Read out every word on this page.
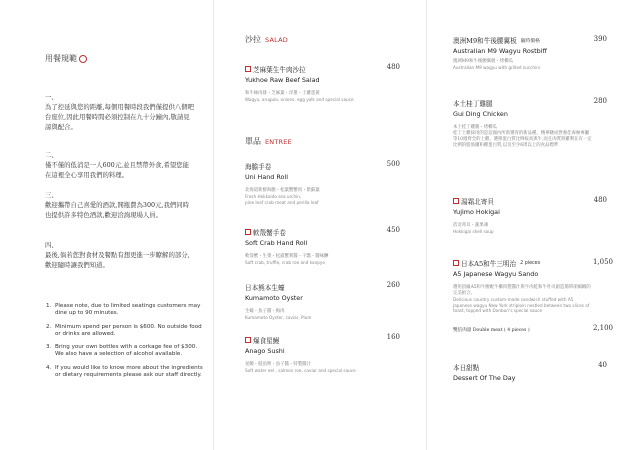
用餐規範
一、
為了控延與您的距離,每個用餐時段我們僅提供八個吧台座位,因此用餐時間必須控制在九十分鐘內,敬請見諒與配合。
二、
僅不僅的低消是一人600元,並且禁帶外食,希望您能在這裡全心享用我們的料理。
三、
歡迎攜帶自己喜愛的酒款,開瓶費為300元,我們同時也提供許多特色酒款,歡迎洽詢現場人員。
四、
最後,倘若您對食材及餐點有想更進一步瞭解的部分,歡迎隨時讓我們知道。
1. Please note, due to limited seatings customers may dine up to 90 minutes.
2. Minimum spend per person is $600. No outside food or drinks are allowed.
3. Bring your own bottles with a corkage fee of $300. We also have a selection of alcohol available.
4. If you would like to know more about the ingredients or dietary requirements please ask our staff directly.
沙拉 SALAD
芝麻葉生牛肉沙拉
Yukhoe Raw Beef Salad
和牛絲肉排・芝麻葉・洋蔥・土雞蛋黃
Wagyu, arugula, onions, egg yolk and special sauce
480
單品 ENTREE
海膽手卷
Uni Hand Roll
北海道新鮮海膽・松葉蟹蟹肉・紫蘇葉
Fresh Hokkaido sea urchin,
pine leaf crab meat and perilla leaf
500
軟殼蟹手卷
Soft Crab Hand Roll
軟殼蟹・生菜・松露蟹膏醬・干瓢・醬味醂
Soft crab, truffle, crab roe and kanpyo
450
日本熊本生蠔
Kumamoto Oyster
生蠔・魚子醬・梅肉
Kumamoto Oyster, caviar, Plum
260
爆食星鰻
Anago Sushi
星鰻・鮭魚卵・魚子醬・特製醬汁
Soft water eel , salmon roe, caviar and special sauce
160
澳洲M9和牛後腰翼板 隨時價格
Australian M9 Wagyu Rostbiff
澳洲M9和牛後腰翼板・烤櫛瓜
Australian M9 wagyu with grilled zucchini
390
本土桂丁雞腿
Gui Ding Chicken
本土桂丁雞腿・烤櫛瓜
桂丁土雞採用的是這國內所新選育的新品種、精華鏈成營養佳毒極專屬等10週齊全的土雞。選擇蛋白質比例較高與牛,而且肉質與雞利在有一定比例的脂肪團和雞蛋白質,以及至少6周以上的食品標準
280
湯霜北寄貝
Yujimo Hokigai
活北寄貝・蔬果凍
Hokkigai shell soup
480
日本A5和牛三明治 2 pieces
A5 Japanese Wagyu Sando
選用頂級A5和牛腰配牛櫃肉製醬汁與牛肉乾和牛吐司創造簡單卻細緻的完美組合。
Delicious country custom-made sandwich stuffed with A5 Japanese wagyu New York striploin nestled between two slices of toast, topped with Donburi's special sauce
1,050
雙倍肉量 Double meat ( 4 pieces )	2,100
本日甜點
Dessert Of The Day
40
